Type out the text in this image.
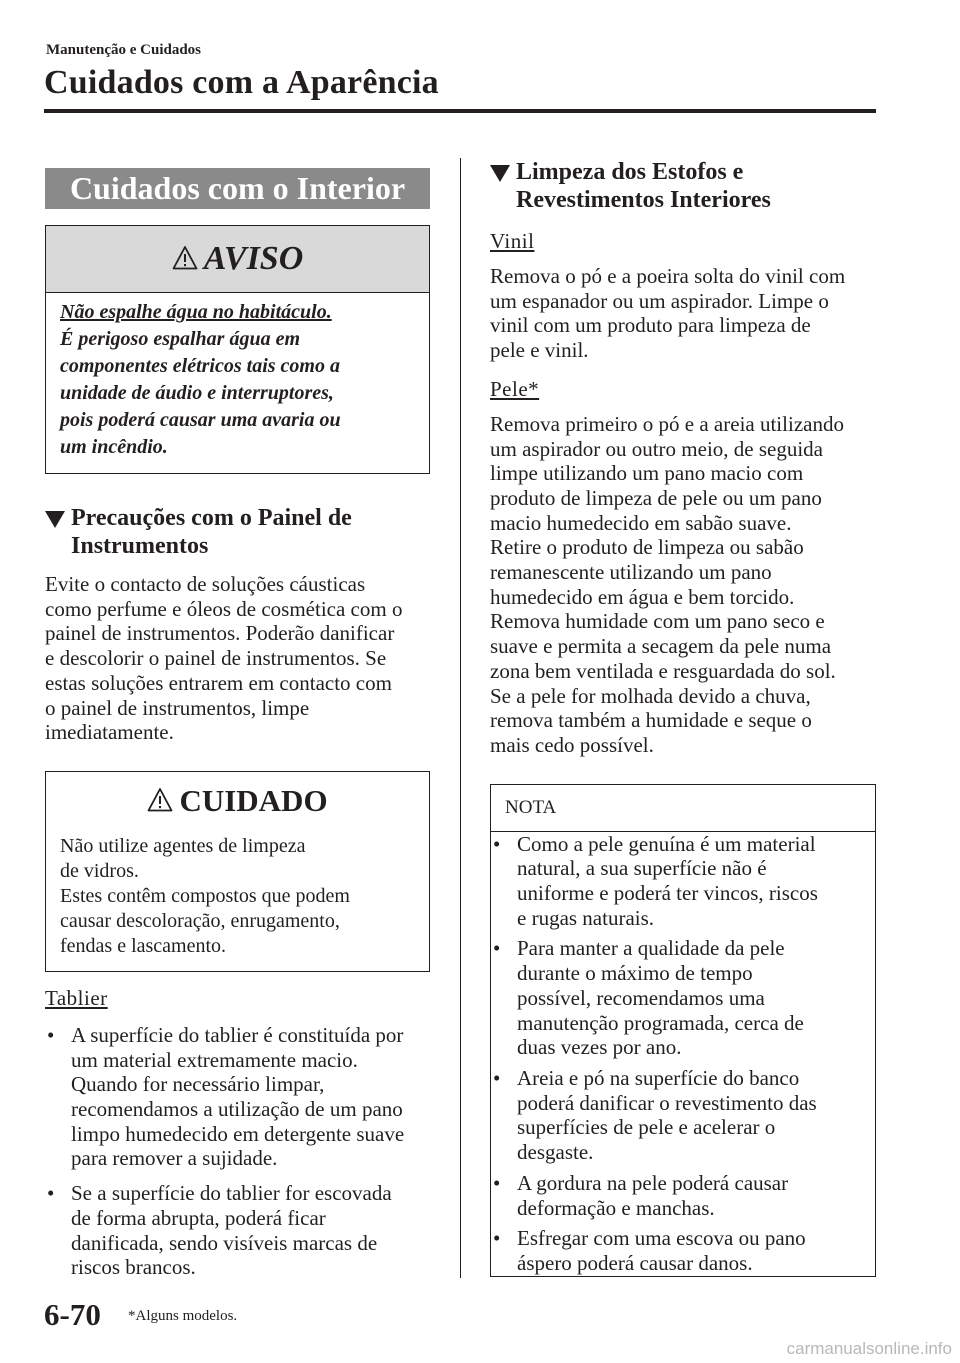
Manutenção e Cuidados
Cuidados com a Aparência
Cuidados com o Interior
AVISO

Não espalhe água no habitáculo.

É perigoso espalhar água em

componentes elétricos tais como a

unidade de áudio e interruptores,

pois poderá causar uma avaria ou

um incêndio.

Precauções com o Painel de
Instrumentos

Evite o contacto de soluções cáusticas

como perfume e óleos de cosmética com o

painel de instrumentos. Poderão danificar

e descolorir o painel de instrumentos. Se

estas soluções entrarem em contacto com

o painel de instrumentos, limpe

imediatamente.

CUIDADO

Não utilize agentes de limpeza

de vidros.

Estes contêm compostos que podem

causar descoloração, enrugamento,

fendas e lascamento.

Tablier
• A superfície do tablier é constituída por
um material extremamente macio.
Quando for necessário limpar,
recomendamos a utilização de um pano
limpo humedecido em detergente suave
para remover a sujidade.
• Se a superfície do tablier for escovada
de forma abrupta, poderá ficar
danificada, sendo visíveis marcas de
riscos brancos.
Limpeza dos Estofos e
Revestimentos Interiores
Vinil

Remova o pó e a poeira solta do vinil com

um espanador ou um aspirador. Limpe o

vinil com um produto para limpeza de

pele e vinil.

Pele*

Remova primeiro o pó e a areia utilizando

um aspirador ou outro meio, de seguida

limpe utilizando um pano macio com

produto de limpeza de pele ou um pano

macio humedecido em sabão suave.

Retire o produto de limpeza ou sabão

remanescente utilizando um pano

humedecido em água e bem torcido.

Remova humidade com um pano seco e

suave e permita a secagem da pele numa

zona bem ventilada e resguardada do sol.

Se a pele for molhada devido a chuva,

remova também a humidade e seque o

mais cedo possível.

NOTA
• Como a pele genuína é um material
natural, a sua superfície não é
uniforme e poderá ter vincos, riscos
e rugas naturais.
• Para manter a qualidade da pele
durante o máximo de tempo
possível, recomendamos uma
manutenção programada, cerca de
duas vezes por ano.
• Areia e pó na superfície do banco
poderá danificar o revestimento das
superfícies de pele e acelerar o
desgaste.
• A gordura na pele poderá causar
deformação e manchas.
• Esfregar com uma escova ou pano
áspero poderá causar danos.
6-70 *Alguns modelos.
carmanualsonline.info
